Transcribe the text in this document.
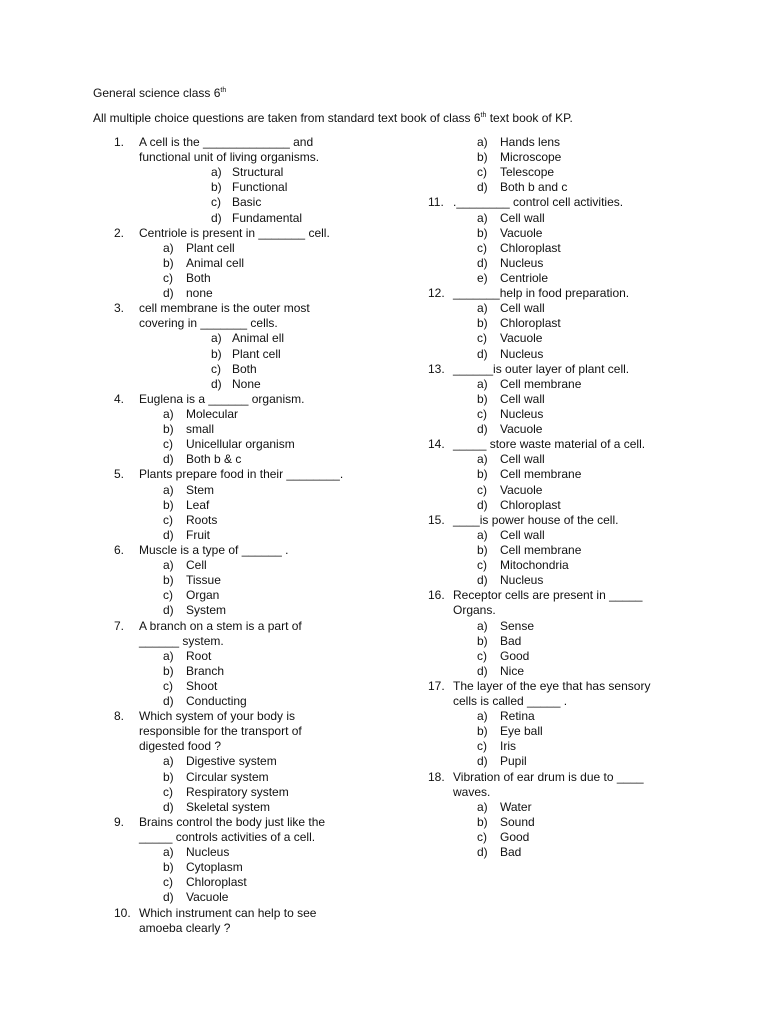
General science class 6th
All multiple choice questions are taken from standard text book of class 6th text book of KP.
1. A cell is the _____________ and
functional unit of living organisms.
a) Structural
b) Functional
c) Basic
d) Fundamental
2. Centriole is present in _______ cell.
a) Plant cell
b) Animal cell
c) Both
d) none
3. cell membrane is the outer most
covering in _______ cells.
a) Animal ell
b) Plant cell
c) Both
d) None
4. Euglena is a ______ organism.
a) Molecular
b) small
c) Unicellular organism
d) Both b & c
5. Plants prepare food in their ________.
a) Stem
b) Leaf
c) Roots
d) Fruit
6. Muscle is a type of ______ .
a) Cell
b) Tissue
c) Organ
d) System
7. A branch on a stem is a part of
______ system.
a) Root
b) Branch
c) Shoot
d) Conducting
8. Which system of your body is
responsible for the transport of
digested food ?
a) Digestive system
b) Circular system
c) Respiratory system
d) Skeletal system
9. Brains control the body just like the
_____ controls activities of a cell.
a) Nucleus
b) Cytoplasm
c) Chloroplast
d) Vacuole
10. Which instrument can help to see
amoeba clearly ?
a) Hands lens
b) Microscope
c) Telescope
d) Both b and c
11. .________ control cell activities.
a) Cell wall
b) Vacuole
c) Chloroplast
d) Nucleus
e) Centriole
12. _______help in food preparation.
a) Cell wall
b) Chloroplast
c) Vacuole
d) Nucleus
13. ______is outer layer of plant cell.
a) Cell membrane
b) Cell wall
c) Nucleus
d) Vacuole
14. _____ store waste material of a cell.
a) Cell wall
b) Cell membrane
c) Vacuole
d) Chloroplast
15. ____is power house of the cell.
a) Cell wall
b) Cell membrane
c) Mitochondria
d) Nucleus
16. Receptor cells are present in _____
Organs.
a) Sense
b) Bad
c) Good
d) Nice
17. The layer of the eye that has sensory
cells is called _____ .
a) Retina
b) Eye ball
c) Iris
d) Pupil
18. Vibration of ear drum is due to ____
waves.
a) Water
b) Sound
c) Good
d) Bad
